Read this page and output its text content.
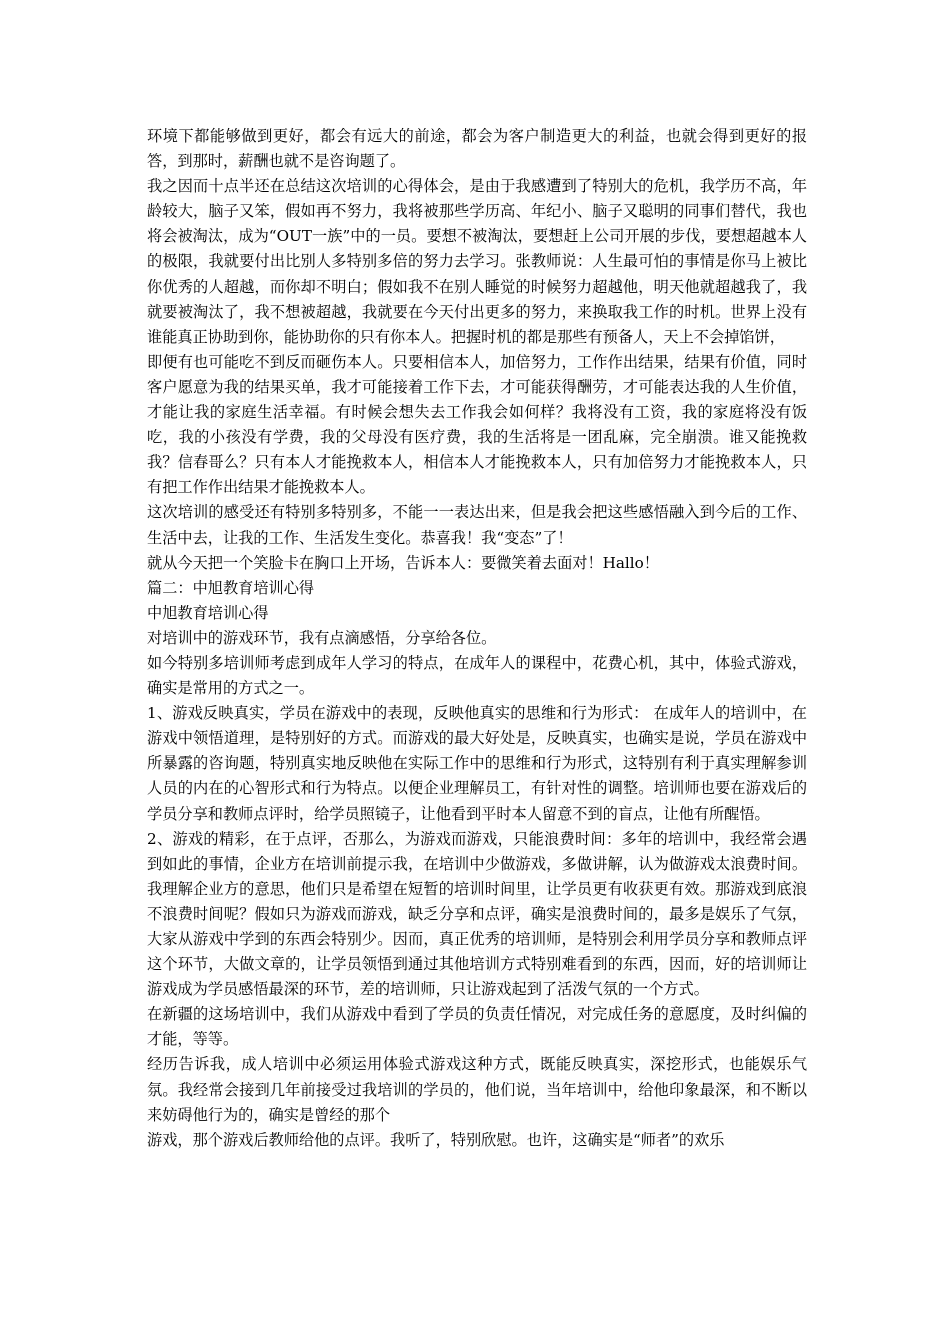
环境下都能够做到更好，都会有远大的前途，都会为客户制造更大的利益，也就会得到更好的报答，到那时，薪酬也就不是咨询题了。

我之因而十点半还在总结这次培训的心得体会，是由于我感遭到了特别大的危机，我学历不高，年龄较大，脑子又笨，假如再不努力，我将被那些学历高、年纪小、脑子又聪明的同事们替代，我也将会被淘汰，成为“OUT一族”中的一员。要想不被淘汰，要想赶上公司开展的步伐，要想超越本人的极限，我就要付出比别人多特别多倍的努力去学习。张教师说：人生最可怕的事情是你马上被比你优秀的人超越，而你却不明白；假如我不在别人睡觉的时候努力超越他，明天他就超越我了，我就要被淘汰了，我不想被超越，我就要在今天付出更多的努力，来换取我工作的时机。世界上没有谁能真正协助到你，能协助你的只有你本人。把握时机的都是那些有预备人，天上不会掉馅饼，

即便有也可能吃不到反而砸伤本人。只要相信本人，加倍努力，工作作出结果，结果有价值，同时客户愿意为我的结果买单，我才可能接着工作下去，才可能获得酬劳，才可能表达我的人生价值，才能让我的家庭生活幸福。有时候会想失去工作我会如何样？我将没有工资，我的家庭将没有饭吃，我的小孩没有学费，我的父母没有医疗费，我的生活将是一团乱麻，完全崩溃。谁又能挽救我？信春哥么？只有本人才能挽救本人，相信本人才能挽救本人，只有加倍努力才能挽救本人，只有把工作作出结果才能挽救本人。

这次培训的感受还有特别多特别多，不能一一表达出来，但是我会把这些感悟融入到今后的工作、生活中去，让我的工作、生活发生变化。恭喜我！我“变态”了！

就从今天把一个笑脸卡在胸口上开场，告诉本人：要微笑着去面对！Hallo！

篇二：中旭教育培训心得

中旭教育培训心得

对培训中的游戏环节，我有点滴感悟，分享给各位。

如今特别多培训师考虑到成年人学习的特点，在成年人的课程中，花费心机，其中，体验式游戏，确实是常用的方式之一。

1、游戏反映真实，学员在游戏中的表现，反映他真实的思维和行为形式： 在成年人的培训中，在游戏中领悟道理，是特别好的方式。而游戏的最大好处是，反映真实，也确实是说，学员在游戏中所暴露的咨询题，特别真实地反映他在实际工作中的思维和行为形式，这特别有利于真实理解参训人员的内在的心智形式和行为特点。以便企业理解员工，有针对性的调整。培训师也要在游戏后的学员分享和教师点评时，给学员照镜子，让他看到平时本人留意不到的盲点，让他有所醒悟。

2、游戏的精彩，在于点评，否那么，为游戏而游戏，只能浪费时间：多年的培训中，我经常会遇到如此的事情，企业方在培训前提示我，在培训中少做游戏，多做讲解，认为做游戏太浪费时间。我理解企业方的意思，他们只是希望在短暂的培训时间里，让学员更有收获更有效。那游戏到底浪不浪费时间呢？假如只为游戏而游戏，缺乏分享和点评，确实是浪费时间的，最多是娱乐了气氛，大家从游戏中学到的东西会特别少。因而，真正优秀的培训师，是特别会利用学员分享和教师点评这个环节，大做文章的，让学员领悟到通过其他培训方式特别难看到的东西，因而，好的培训师让游戏成为学员感悟最深的环节，差的培训师，只让游戏起到了活泼气氛的一个方式。

在新疆的这场培训中，我们从游戏中看到了学员的负责任情况，对完成任务的意愿度，及时纠偏的才能，等等。

经历告诉我，成人培训中必须运用体验式游戏这种方式，既能反映真实，深挖形式，也能娱乐气氛。我经常会接到几年前接受过我培训的学员的，他们说，当年培训中，给他印象最深，和不断以来妨碍他行为的，确实是曾经的那个

游戏，那个游戏后教师给他的点评。我听了，特别欣慰。也许，这确实是“师者”的欢乐
